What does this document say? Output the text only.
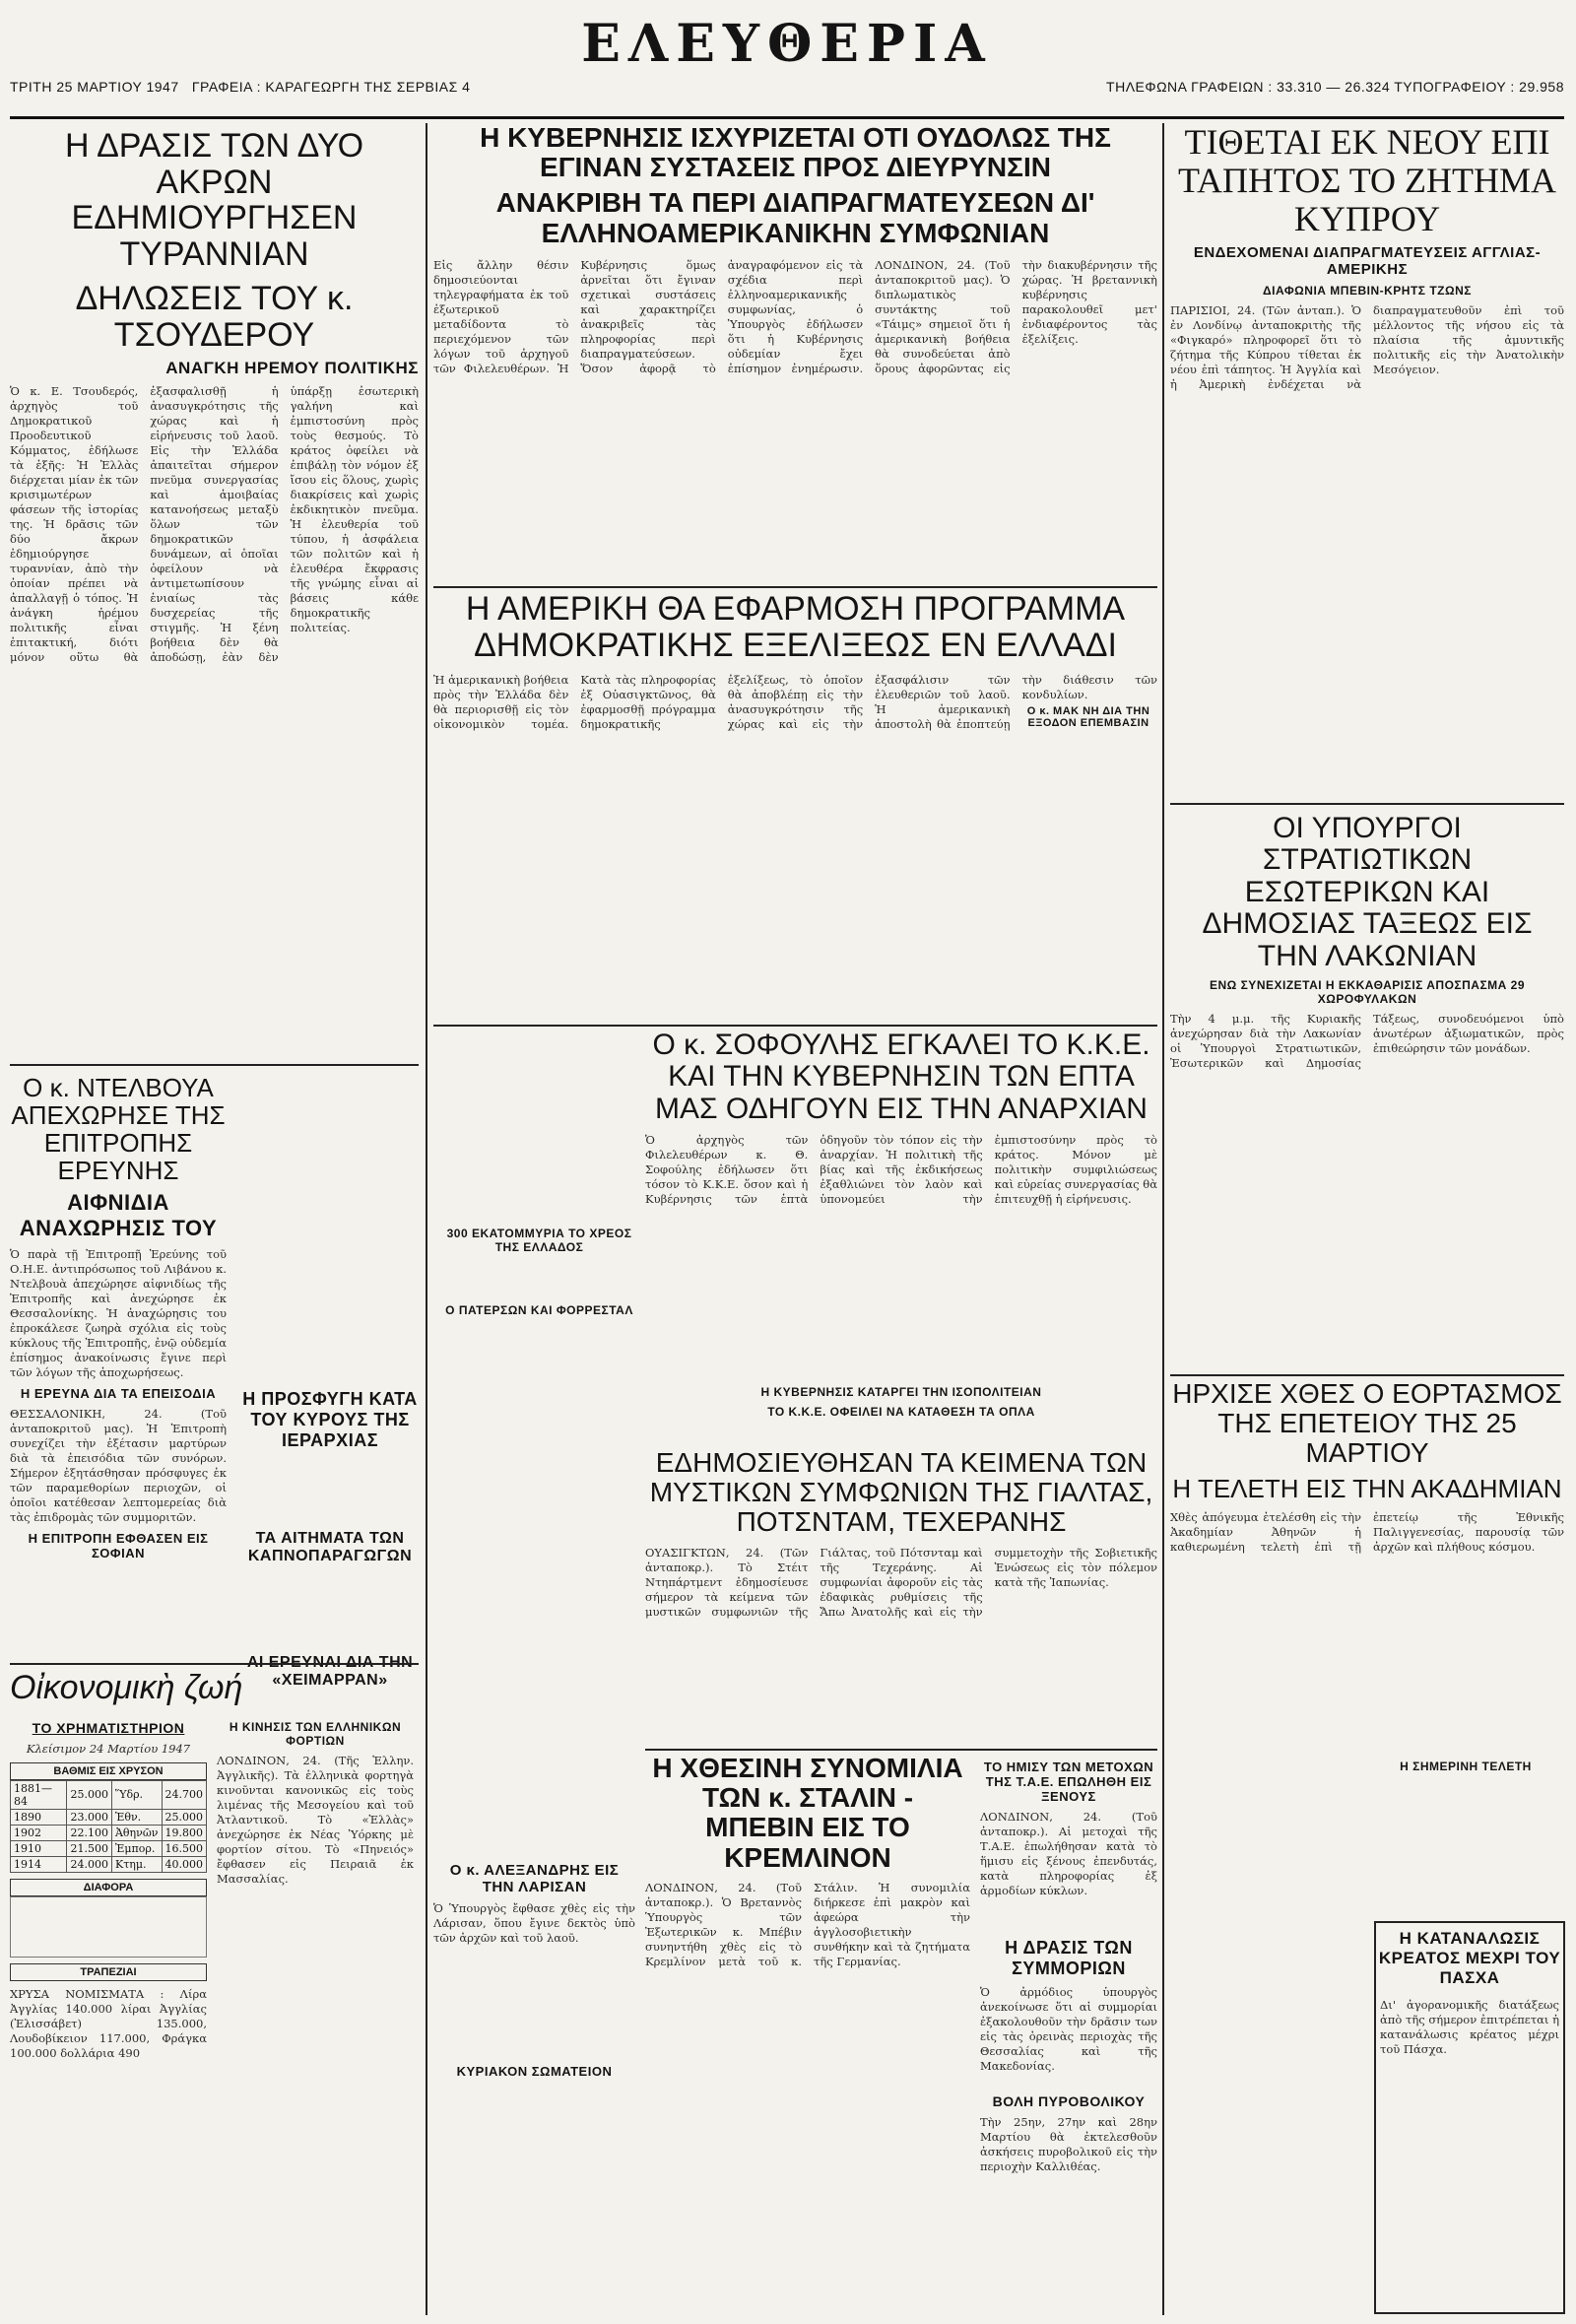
ΤΡΙΤΗ 25 ΜΑΡΤΙΟΥ 1947 ΓΡΑΦΕΙΑ : ΚΑΡΑΓΕΩΡΓΗ ΤΗΣ ΣΕΡΒΙΑΣ 4
ΕΛΕΥΘΕΡΙΑ
ΤΗΛΕΦΩΝΑ ΓΡΑΦΕΙΩΝ : 33.310 — 26.324 ΤΥΠΟΓΡΑΦΕΙΟΥ : 29.958
Η ΔΡΑΣΙΣ ΤΩΝ ΔΥΟ ΑΚΡΩΝ ΕΔΗΜΙΟΥΡΓΗΣΕΝ ΤΥΡΑΝΝΙΑΝ
ΔΗΛΩΣΕΙΣ ΤΟΥ κ. ΤΣΟΥΔΕΡΟΥ
ΑΝΑΓΚΗ ΗΡΕΜΟΥ ΠΟΛΙΤΙΚΗΣ

Ὁ κ. Ε. Τσουδερός, ἀρχηγὸς τοῦ Δημοκρατικοῦ Προοδευτικοῦ Κόμματος, ἐδήλωσε τὰ ἑξῆς: Ἡ Ἑλλὰς διέρχεται μίαν ἐκ τῶν κρισιμωτέρων φάσεων τῆς ἱστορίας της. Ἡ δρᾶσις τῶν δύο ἄκρων ἐδημιούργησε τυραννίαν, ἀπὸ τὴν ὁποίαν πρέπει νὰ ἀπαλλαγῇ ὁ τόπος. Ἡ ἀνάγκη ἠρέμου πολιτικῆς εἶναι ἐπιτακτική, διότι μόνον οὕτω θὰ ἐξασφαλισθῇ ἡ ἀνασυγκρότησις τῆς χώρας καὶ ἡ εἰρήνευσις τοῦ λαοῦ. Εἰς τὴν Ἑλλάδα ἀπαιτεῖται σήμερον πνεῦμα συνεργασίας καὶ ἀμοιβαίας κατανοήσεως μεταξὺ ὅλων τῶν δημοκρατικῶν δυνάμεων, αἱ ὁποῖαι ὀφείλουν νὰ ἀντιμετωπίσουν ἑνιαίως τὰς δυσχερείας τῆς στιγμῆς. Ἡ ξένη βοήθεια δὲν θὰ ἀποδώσῃ, ἐὰν δὲν ὑπάρξῃ ἐσωτερικὴ γαλήνη καὶ ἐμπιστοσύνη πρὸς τοὺς θεσμούς. Τὸ κράτος ὀφείλει νὰ ἐπιβάλῃ τὸν νόμον ἐξ ἴσου εἰς ὅλους, χωρὶς διακρίσεις καὶ χωρὶς ἐκδικητικὸν πνεῦμα. Ἡ ἐλευθερία τοῦ τύπου, ἡ ἀσφάλεια τῶν πολιτῶν καὶ ἡ ἐλευθέρα ἔκφρασις τῆς γνώμης εἶναι αἱ βάσεις κάθε δημοκρατικῆς πολιτείας.

Ο κ. ΝΤΕΛΒΟΥΑ ΑΠΕΧΩΡΗΣΕ ΤΗΣ ΕΠΙΤΡΟΠΗΣ ΕΡΕΥΝΗΣ
ΑΙΦΝΙΔΙΑ ΑΝΑΧΩΡΗΣΙΣ ΤΟΥ

Ὁ παρὰ τῇ Ἐπιτροπῇ Ἐρεύνης τοῦ Ο.Η.Ε. ἀντιπρόσωπος τοῦ Λιβάνου κ. Ντελβουὰ ἀπεχώρησε αἰφνιδίως τῆς Ἐπιτροπῆς καὶ ἀνεχώρησε ἐκ Θεσσαλονίκης. Ἡ ἀναχώρησις του ἐπροκάλεσε ζωηρὰ σχόλια εἰς τοὺς κύκλους τῆς Ἐπιτροπῆς, ἐνῷ οὐδεμία ἐπίσημος ἀνακοίνωσις ἔγινε περὶ τῶν λόγων τῆς ἀποχωρήσεως.

Η ΕΡΕΥΝΑ ΔΙΑ ΤΑ ΕΠΕΙΣΟΔΙΑ

ΘΕΣΣΑΛΟΝΙΚΗ, 24. (Τοῦ ἀνταποκριτοῦ μας). Ἡ Ἐπιτροπὴ συνεχίζει τὴν ἐξέτασιν μαρτύρων διὰ τὰ ἐπεισόδια τῶν συνόρων. Σήμερον ἐξητάσθησαν πρόσφυγες ἐκ τῶν παραμεθορίων περιοχῶν, οἱ ὁποῖοι κατέθεσαν λεπτομερείας διὰ τὰς ἐπιδρομὰς τῶν συμμοριτῶν.

Η ΕΠΙΤΡΟΠΗ ΕΦΘΑΣΕΝ ΕΙΣ ΣΟΦΙΑΝ
Η ΠΡΟΣΦΥΓΗ ΚΑΤΑ ΤΟΥ ΚΥΡΟΥΣ ΤΗΣ ΙΕΡΑΡΧΙΑΣ
ΤΑ ΑΙΤΗΜΑΤΑ ΤΩΝ ΚΑΠΝΟΠΑΡΑΓΩΓΩΝ
«ΧΕΙΜΑΡΡΑΝ»
Οἰκονομικὴ ζωή
ΤΟ ΧΡΗΜΑΤΙΣΤΗΡΙΟΝ
Κλείσιμον 24 Μαρτίου 1947
ΒΑΘΜΙΣ ΕΙΣ ΧΡΥΣΟΝ
1881—84	25.000	Ὕδρ.	24.700
1890	23.000	Ἐθν.	25.000
1902	22.100	Ἀθηνῶν	19.800
1910	21.500	Ἐμπορ.	16.500
1914	24.000	Κτημ.	40.000
ΔΙΑΦΟΡΑ
ΤΡΑΠΕΖΙΑΙ

ΧΡΥΣΑ ΝΟΜΙΣΜΑΤΑ : Λίρα Ἀγγλίας 140.000 λίραι Ἀγγλίας (Ἐλισσάβετ) 135.000, Λουδοβίκειον 117.000, Φράγκα 100.000 δολλάρια 490

Η ΚΙΝΗΣΙΣ ΤΩΝ ΕΛΛΗΝΙΚΩΝ ΦΟΡΤΙΩΝ

ΛΟΝΔΙΝΟΝ, 24. (Τῆς Ἑλλην. Ἀγγλικῆς). Τὰ ἑλληνικὰ φορτηγὰ κινοῦνται κανονικῶς εἰς τοὺς λιμένας τῆς Μεσογείου καὶ τοῦ Ἀτλαντικοῦ. Τὸ «Ἑλλὰς» ἀνεχώρησε ἐκ Νέας Ὑόρκης μὲ φορτίον σίτου. Τὸ «Πηνειός» ἔφθασεν εἰς Πειραιᾶ ἐκ Μασσαλίας.

Η ΚΥΒΕΡΝΗΣΙΣ ΙΣΧΥΡΙΖΕΤΑΙ ΟΤΙ ΟΥΔΟΛΩΣ ΤΗΣ ΕΓΙΝΑΝ ΣΥΣΤΑΣΕΙΣ ΠΡΟΣ ΔΙΕΥΡΥΝΣΙΝ
ΑΝΑΚΡΙΒΗ ΤΑ ΠΕΡΙ ΔΙΑΠΡΑΓΜΑΤΕΥΣΕΩΝ ΔΙ' ΕΛΛΗΝΟΑΜΕΡΙΚΑΝΙΚΗΝ ΣΥΜΦΩΝΙΑΝ

Εἰς ἄλλην θέσιν δημοσιεύονται τηλεγραφήματα ἐκ τοῦ ἐξωτερικοῦ μεταδίδοντα τὸ περιεχόμενον τῶν λόγων τοῦ ἀρχηγοῦ τῶν Φιλελευθέρων. Ἡ Κυβέρνησις ὅμως ἀρνεῖται ὅτι ἔγιναν σχετικαὶ συστάσεις καὶ χαρακτηρίζει ἀνακριβεῖς τὰς πληροφορίας περὶ διαπραγματεύσεων. Ὅσον ἀφορᾷ τὸ ἀναγραφόμενον εἰς τὰ σχέδια περὶ ἐλληνοαμερικανικῆς συμφωνίας, ὁ Ὑπουργὸς ἐδήλωσεν ὅτι ἡ Κυβέρνησις οὐδεμίαν ἔχει ἐπίσημον ἐνημέρωσιν. ΛΟΝΔΙΝΟΝ, 24. (Τοῦ ἀνταποκριτοῦ μας). Ὁ διπλωματικὸς συντάκτης τοῦ «Τάιμς» σημειοῖ ὅτι ἡ ἀμερικανικὴ βοήθεια θὰ συνοδεύεται ἀπὸ ὅρους ἀφορῶντας εἰς τὴν διακυβέρνησιν τῆς χώρας. Ἡ βρεταννικὴ κυβέρνησις παρακολουθεῖ μετ' ἐνδιαφέροντος τὰς ἐξελίξεις.

Η ΑΜΕΡΙΚΗ ΘΑ ΕΦΑΡΜΟΣΗ ΠΡΟΓΡΑΜΜΑ ΔΗΜΟΚΡΑΤΙΚΗΣ ΕΞΕΛΙΞΕΩΣ ΕΝ ΕΛΛΑΔΙ

Ἡ ἀμερικανικὴ βοήθεια πρὸς τὴν Ἑλλάδα δὲν θὰ περιορισθῇ εἰς τὸν οἰκονομικὸν τομέα. Κατὰ τὰς πληροφορίας ἐξ Οὐασιγκτῶνος, θὰ ἐφαρμοσθῇ πρόγραμμα δημοκρατικῆς ἐξελίξεως, τὸ ὁποῖον θὰ ἀποβλέπῃ εἰς τὴν ἀνασυγκρότησιν τῆς χώρας καὶ εἰς τὴν ἐξασφάλισιν τῶν ἐλευθεριῶν τοῦ λαοῦ. Ἡ ἀμερικανικὴ ἀποστολὴ θὰ ἐποπτεύῃ τὴν διάθεσιν τῶν κονδυλίων.

Ο κ. ΜΑΚ ΝΗ ΔΙΑ ΤΗΝ ΕΞΟΔΟΝ ΕΠΕΜΒΑΣΙΝ
300 ΕΚΑΤΟΜΜΥΡΙΑ ΤΟ ΧΡΕΟΣ ΤΗΣ ΕΛΛΑΔΟΣ
Ο ΠΑΤΕΡΣΩΝ ΚΑΙ ΦΟΡΡΕΣΤΑΛ
Ο κ. ΣΟΦΟΥΛΗΣ ΕΓΚΑΛΕΙ ΤΟ Κ.Κ.Ε. ΚΑΙ ΤΗΝ ΚΥΒΕΡΝΗΣΙΝ ΤΩΝ ΕΠΤΑ ΜΑΣ ΟΔΗΓΟΥΝ ΕΙΣ ΤΗΝ ΑΝΑΡΧΙΑΝ

Ὁ ἀρχηγὸς τῶν Φιλελευθέρων κ. Θ. Σοφούλης ἐδήλωσεν ὅτι τόσον τὸ Κ.Κ.Ε. ὅσον καὶ ἡ Κυβέρνησις τῶν ἑπτὰ ὁδηγοῦν τὸν τόπον εἰς τὴν ἀναρχίαν. Ἡ πολιτικὴ τῆς βίας καὶ τῆς ἐκδικήσεως ἐξαθλιώνει τὸν λαὸν καὶ ὑπονομεύει τὴν ἐμπιστοσύνην πρὸς τὸ κράτος. Μόνον μὲ πολιτικὴν συμφιλιώσεως καὶ εὐρείας συνεργασίας θὰ ἐπιτευχθῇ ἡ εἰρήνευσις.

Η ΚΥΒΕΡΝΗΣΙΣ ΚΑΤΑΡΓΕΙ ΤΗΝ ΙΣΟΠΟΛΙΤΕΙΑΝ
ΤΟ Κ.Κ.Ε. ΟΦΕΙΛΕΙ ΝΑ ΚΑΤΑΘΕΣΗ ΤΑ ΟΠΛΑ
ΕΔΗΜΟΣΙΕΥΘΗΣΑΝ ΤΑ ΚΕΙΜΕΝΑ ΤΩΝ ΜΥΣΤΙΚΩΝ ΣΥΜΦΩΝΙΩΝ ΤΗΣ ΓΙΑΛΤΑΣ, ΠΟΤΣΝΤΑΜ, ΤΕΧΕΡΑΝΗΣ

ΟΥΑΣΙΓΚΤΩΝ, 24. (Τῶν ἀνταποκρ.). Τὸ Στέιτ Ντηπάρτμεντ ἐδημοσίευσε σήμερον τὰ κείμενα τῶν μυστικῶν συμφωνιῶν τῆς Γιάλτας, τοῦ Πότσνταμ καὶ τῆς Τεχεράνης. Αἱ συμφωνίαι ἀφοροῦν εἰς τὰς ἐδαφικὰς ρυθμίσεις τῆς Ἄπω Ἀνατολῆς καὶ εἰς τὴν συμμετοχὴν τῆς Σοβιετικῆς Ἑνώσεως εἰς τὸν πόλεμον κατὰ τῆς Ἰαπωνίας.

Η ΧΘΕΣΙΝΗ ΣΥΝΟΜΙΛΙΑ ΤΩΝ κ. ΣΤΑΛΙΝ - ΜΠΕΒΙΝ ΕΙΣ ΤΟ ΚΡΕΜΛΙΝΟΝ

ΛΟΝΔΙΝΟΝ, 24. (Τοῦ ἀνταποκρ.). Ὁ Βρεταννὸς Ὑπουργὸς τῶν Ἐξωτερικῶν κ. Μπέβιν συνηντήθη χθὲς εἰς τὸ Κρεμλίνον μετὰ τοῦ κ. Στάλιν. Ἡ συνομιλία διήρκεσε ἐπὶ μακρὸν καὶ ἀφεώρα τὴν ἀγγλοσοβιετικὴν συνθήκην καὶ τὰ ζητήματα τῆς Γερμανίας.

Ο κ. ΑΛΕΞΑΝΔΡΗΣ ΕΙΣ ΤΗΝ ΛΑΡΙΣΑΝ

Ὁ Ὑπουργὸς ἔφθασε χθὲς εἰς τὴν Λάρισαν, ὅπου ἔγινε δεκτὸς ὑπὸ τῶν ἀρχῶν καὶ τοῦ λαοῦ.

ΚΥΡΙΑΚΟΝ ΣΩΜΑΤΕΙΟΝ
ΤΟ ΗΜΙΣΥ ΤΩΝ ΜΕΤΟΧΩΝ ΤΗΣ Τ.Α.Ε. ΕΠΩΛΗΘΗ ΕΙΣ ΞΕΝΟΥΣ

ΛΟΝΔΙΝΟΝ, 24. (Τοῦ ἀνταποκρ.). Αἱ μετοχαὶ τῆς Τ.Α.Ε. ἐπωλήθησαν κατὰ τὸ ἥμισυ εἰς ξένους ἐπενδυτάς, κατὰ πληροφορίας ἐξ ἁρμοδίων κύκλων.

Η ΔΡΑΣΙΣ ΤΩΝ ΣΥΜΜΟΡΙΩΝ

Ὁ ἀρμόδιος ὑπουργὸς ἀνεκοίνωσε ὅτι αἱ συμμορίαι ἐξακολουθοῦν τὴν δρᾶσιν των εἰς τὰς ὀρεινὰς περιοχὰς τῆς Θεσσαλίας καὶ τῆς Μακεδονίας.

ΒΟΛΗ ΠΥΡΟΒΟΛΙΚΟΥ

Τὴν 25ην, 27ην καὶ 28ην Μαρτίου θὰ ἐκτελεσθοῦν ἀσκήσεις πυροβολικοῦ εἰς τὴν περιοχὴν Καλλιθέας.

ΤΙΘΕΤΑΙ ΕΚ ΝΕΟΥ ΕΠΙ ΤΑΠΗΤΟΣ ΤΟ ΖΗΤΗΜΑ ΚΥΠΡΟΥ
ΕΝΔΕΧΟΜΕΝΑΙ ΔΙΑΠΡΑΓΜΑΤΕΥΣΕΙΣ ΑΓΓΛΙΑΣ-ΑΜΕΡΙΚΗΣ
ΔΙΑΦΩΝΙΑ ΜΠΕΒΙΝ-ΚΡΗΤΣ ΤΖΩΝΣ

ΠΑΡΙΣΙΟΙ, 24. (Τῶν ἀνταπ.). Ὁ ἐν Λονδίνῳ ἀνταποκριτὴς τῆς «Φιγκαρό» πληροφορεῖ ὅτι τὸ ζήτημα τῆς Κύπρου τίθεται ἐκ νέου ἐπὶ τάπητος. Ἡ Ἀγγλία καὶ ἡ Ἀμερικὴ ἐνδέχεται νὰ διαπραγματευθοῦν ἐπὶ τοῦ μέλλοντος τῆς νήσου εἰς τὰ πλαίσια τῆς ἀμυντικῆς πολιτικῆς εἰς τὴν Ἀνατολικὴν Μεσόγειον.

ΟΙ ΥΠΟΥΡΓΟΙ ΣΤΡΑΤΙΩΤΙΚΩΝ ΕΣΩΤΕΡΙΚΩΝ ΚΑΙ ΔΗΜΟΣΙΑΣ ΤΑΞΕΩΣ ΕΙΣ ΤΗΝ ΛΑΚΩΝΙΑΝ
ΕΝΩ ΣΥΝΕΧΙΖΕΤΑΙ Η ΕΚΚΑΘΑΡΙΣΙΣ ΑΠΟΣΠΑΣΜΑ 29 ΧΩΡΟΦΥΛΑΚΩΝ

Τὴν 4 μ.μ. τῆς Κυριακῆς ἀνεχώρησαν διὰ τὴν Λακωνίαν οἱ Ὑπουργοὶ Στρατιωτικῶν, Ἐσωτερικῶν καὶ Δημοσίας Τάξεως, συνοδευόμενοι ὑπὸ ἀνωτέρων ἀξιωματικῶν, πρὸς ἐπιθεώρησιν τῶν μονάδων.

ΗΡΧΙΣΕ ΧΘΕΣ Ο ΕΟΡΤΑΣΜΟΣ ΤΗΣ ΕΠΕΤΕΙΟΥ ΤΗΣ 25 ΜΑΡΤΙΟΥ
Η ΤΕΛΕΤΗ ΕΙΣ ΤΗΝ ΑΚΑΔΗΜΙΑΝ

Χθὲς ἀπόγευμα ἐτελέσθη εἰς τὴν Ἀκαδημίαν Ἀθηνῶν ἡ καθιερωμένη τελετὴ ἐπὶ τῇ ἐπετείῳ τῆς Ἐθνικῆς Παλιγγενεσίας, παρουσίᾳ τῶν ἀρχῶν καὶ πλήθους κόσμου.

Η ΣΗΜΕΡΙΝΗ ΤΕΛΕΤΗ
Η ΚΑΤΑΝΑΛΩΣΙΣ ΚΡΕΑΤΟΣ ΜΕΧΡΙ ΤΟΥ ΠΑΣΧΑ

Δι' ἀγορανομικῆς διατάξεως ἀπὸ τῆς σήμερον ἐπιτρέπεται ἡ κατανάλωσις κρέατος μέχρι τοῦ Πάσχα.
